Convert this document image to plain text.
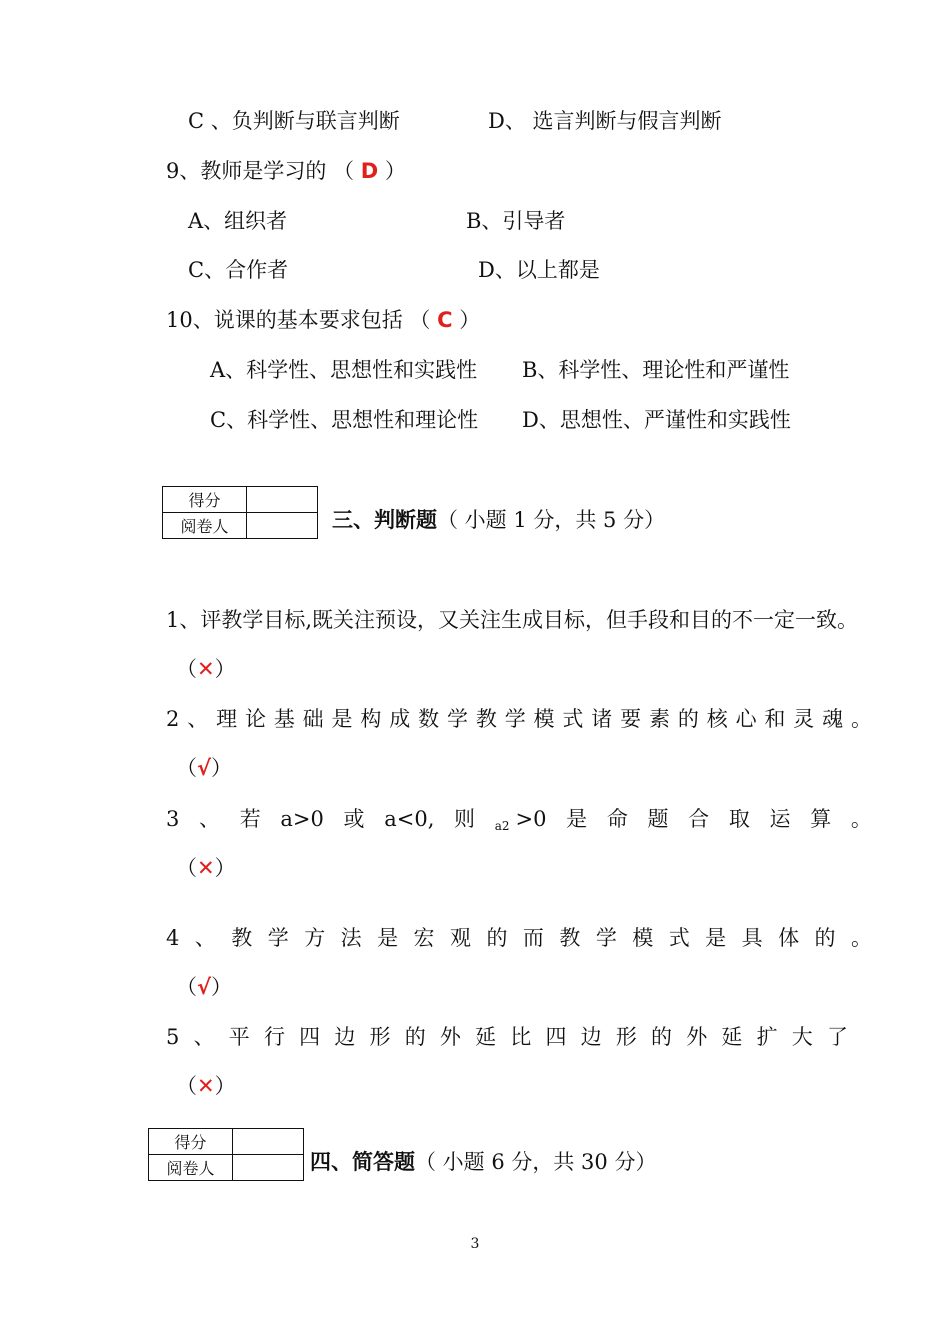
C 、负判断与联言判断	D、 选言判断与假言判断
9、教师是学习的 （ D ）
A、组织者	B、引导者
C、合作者	D、以上都是
10、说课的基本要求包括 （ C ）
A、科学性、思想性和实践性 B、科学性、理论性和严谨性
C、科学性、思想性和理论性 D、思想性、严谨性和实践性
得分	
阅卷人		三、判断题（ 小题 1 分，共 5 分）
1、评教学目标,既关注预设，又关注生成目标，但手段和目的不一定一致。
（✕）
2 、 理 论 基 础 是 构 成 数 学 教 学 模 式 诸 要 素 的 核 心 和 灵 魂 。
（√）
3 、 若 a>0 或 a<0, 则 a2 >0 是 命 题 合 取 运 算 。
（✕）
4 、 教 学 方 法 是 宏 观 的 而 教 学 模 式 是 具 体 的 。
（√）
5 、 平 行 四 边 形 的 外 延 比 四 边 形 的 外 延 扩 大 了
（✕）
得分	
阅卷人		四、简答题（ 小题 6 分，共 30 分）
3
